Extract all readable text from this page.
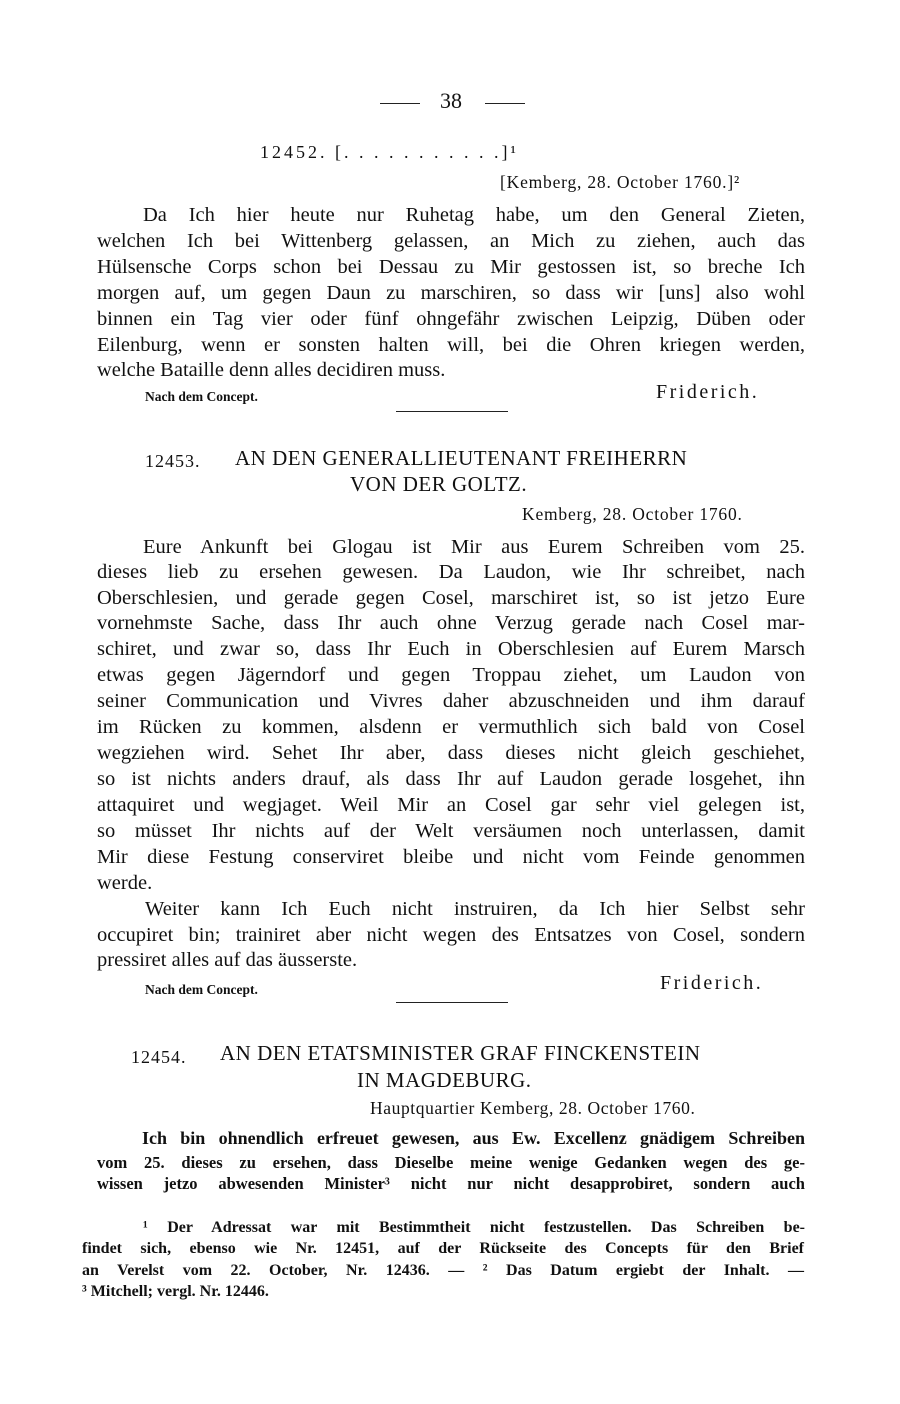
38
12452. [. . . . . . . . . . .]¹
[Kemberg, 28. October 1760.]²
Da Ich hier heute nur Ruhetag habe, um den General Zieten,
welchen Ich bei Wittenberg gelassen, an Mich zu ziehen, auch das
Hülsensche Corps schon bei Dessau zu Mir gestossen ist, so breche Ich
morgen auf, um gegen Daun zu marschiren, so dass wir [uns] also wohl
binnen ein Tag vier oder fünf ohngefähr zwischen Leipzig, Düben oder
Eilenburg, wenn er sonsten halten will, bei die Ohren kriegen werden,
welche Bataille denn alles decidiren muss.
Nach dem Concept.	Friderich.
12453. AN DEN GENERALLIEUTENANT FREIHERRN
VON DER GOLTZ.
Kemberg, 28. October 1760.
Eure Ankunft bei Glogau ist Mir aus Eurem Schreiben vom 25.
dieses lieb zu ersehen gewesen. Da Laudon, wie Ihr schreibet, nach
Oberschlesien, und gerade gegen Cosel, marschiret ist, so ist jetzo Eure
vornehmste Sache, dass Ihr auch ohne Verzug gerade nach Cosel mar-
schiret, und zwar so, dass Ihr Euch in Oberschlesien auf Eurem Marsch
etwas gegen Jägerndorf und gegen Troppau ziehet, um Laudon von
seiner Communication und Vivres daher abzuschneiden und ihm darauf
im Rücken zu kommen, alsdenn er vermuthlich sich bald von Cosel
wegziehen wird. Sehet Ihr aber, dass dieses nicht gleich geschiehet,
so ist nichts anders drauf, als dass Ihr auf Laudon gerade losgehet, ihn
attaquiret und wegjaget. Weil Mir an Cosel gar sehr viel gelegen ist,
so müsset Ihr nichts auf der Welt versäumen noch unterlassen, damit
Mir diese Festung conserviret bleibe und nicht vom Feinde genommen
werde.
Weiter kann Ich Euch nicht instruiren, da Ich hier Selbst sehr
occupiret bin; trainiret aber nicht wegen des Entsatzes von Cosel, sondern
pressiret alles auf das äusserste.
Nach dem Concept.	Friderich.
12454. AN DEN ETATSMINISTER GRAF FINCKENSTEIN
IN MAGDEBURG.
Hauptquartier Kemberg, 28. October 1760.
Ich bin ohnendlich erfreuet gewesen, aus Ew. Excellenz gnädigem Schreiben
vom 25. dieses zu ersehen, dass Dieselbe meine wenige Gedanken wegen des ge-
wissen jetzo abwesenden Minister³ nicht nur nicht desapprobiret, sondern auch
¹ Der Adressat war mit Bestimmtheit nicht festzustellen. Das Schreiben be-
findet sich, ebenso wie Nr. 12451, auf der Rückseite des Concepts für den Brief
an Verelst vom 22. October, Nr. 12436. — ² Das Datum ergiebt der Inhalt. —
³ Mitchell; vergl. Nr. 12446.
